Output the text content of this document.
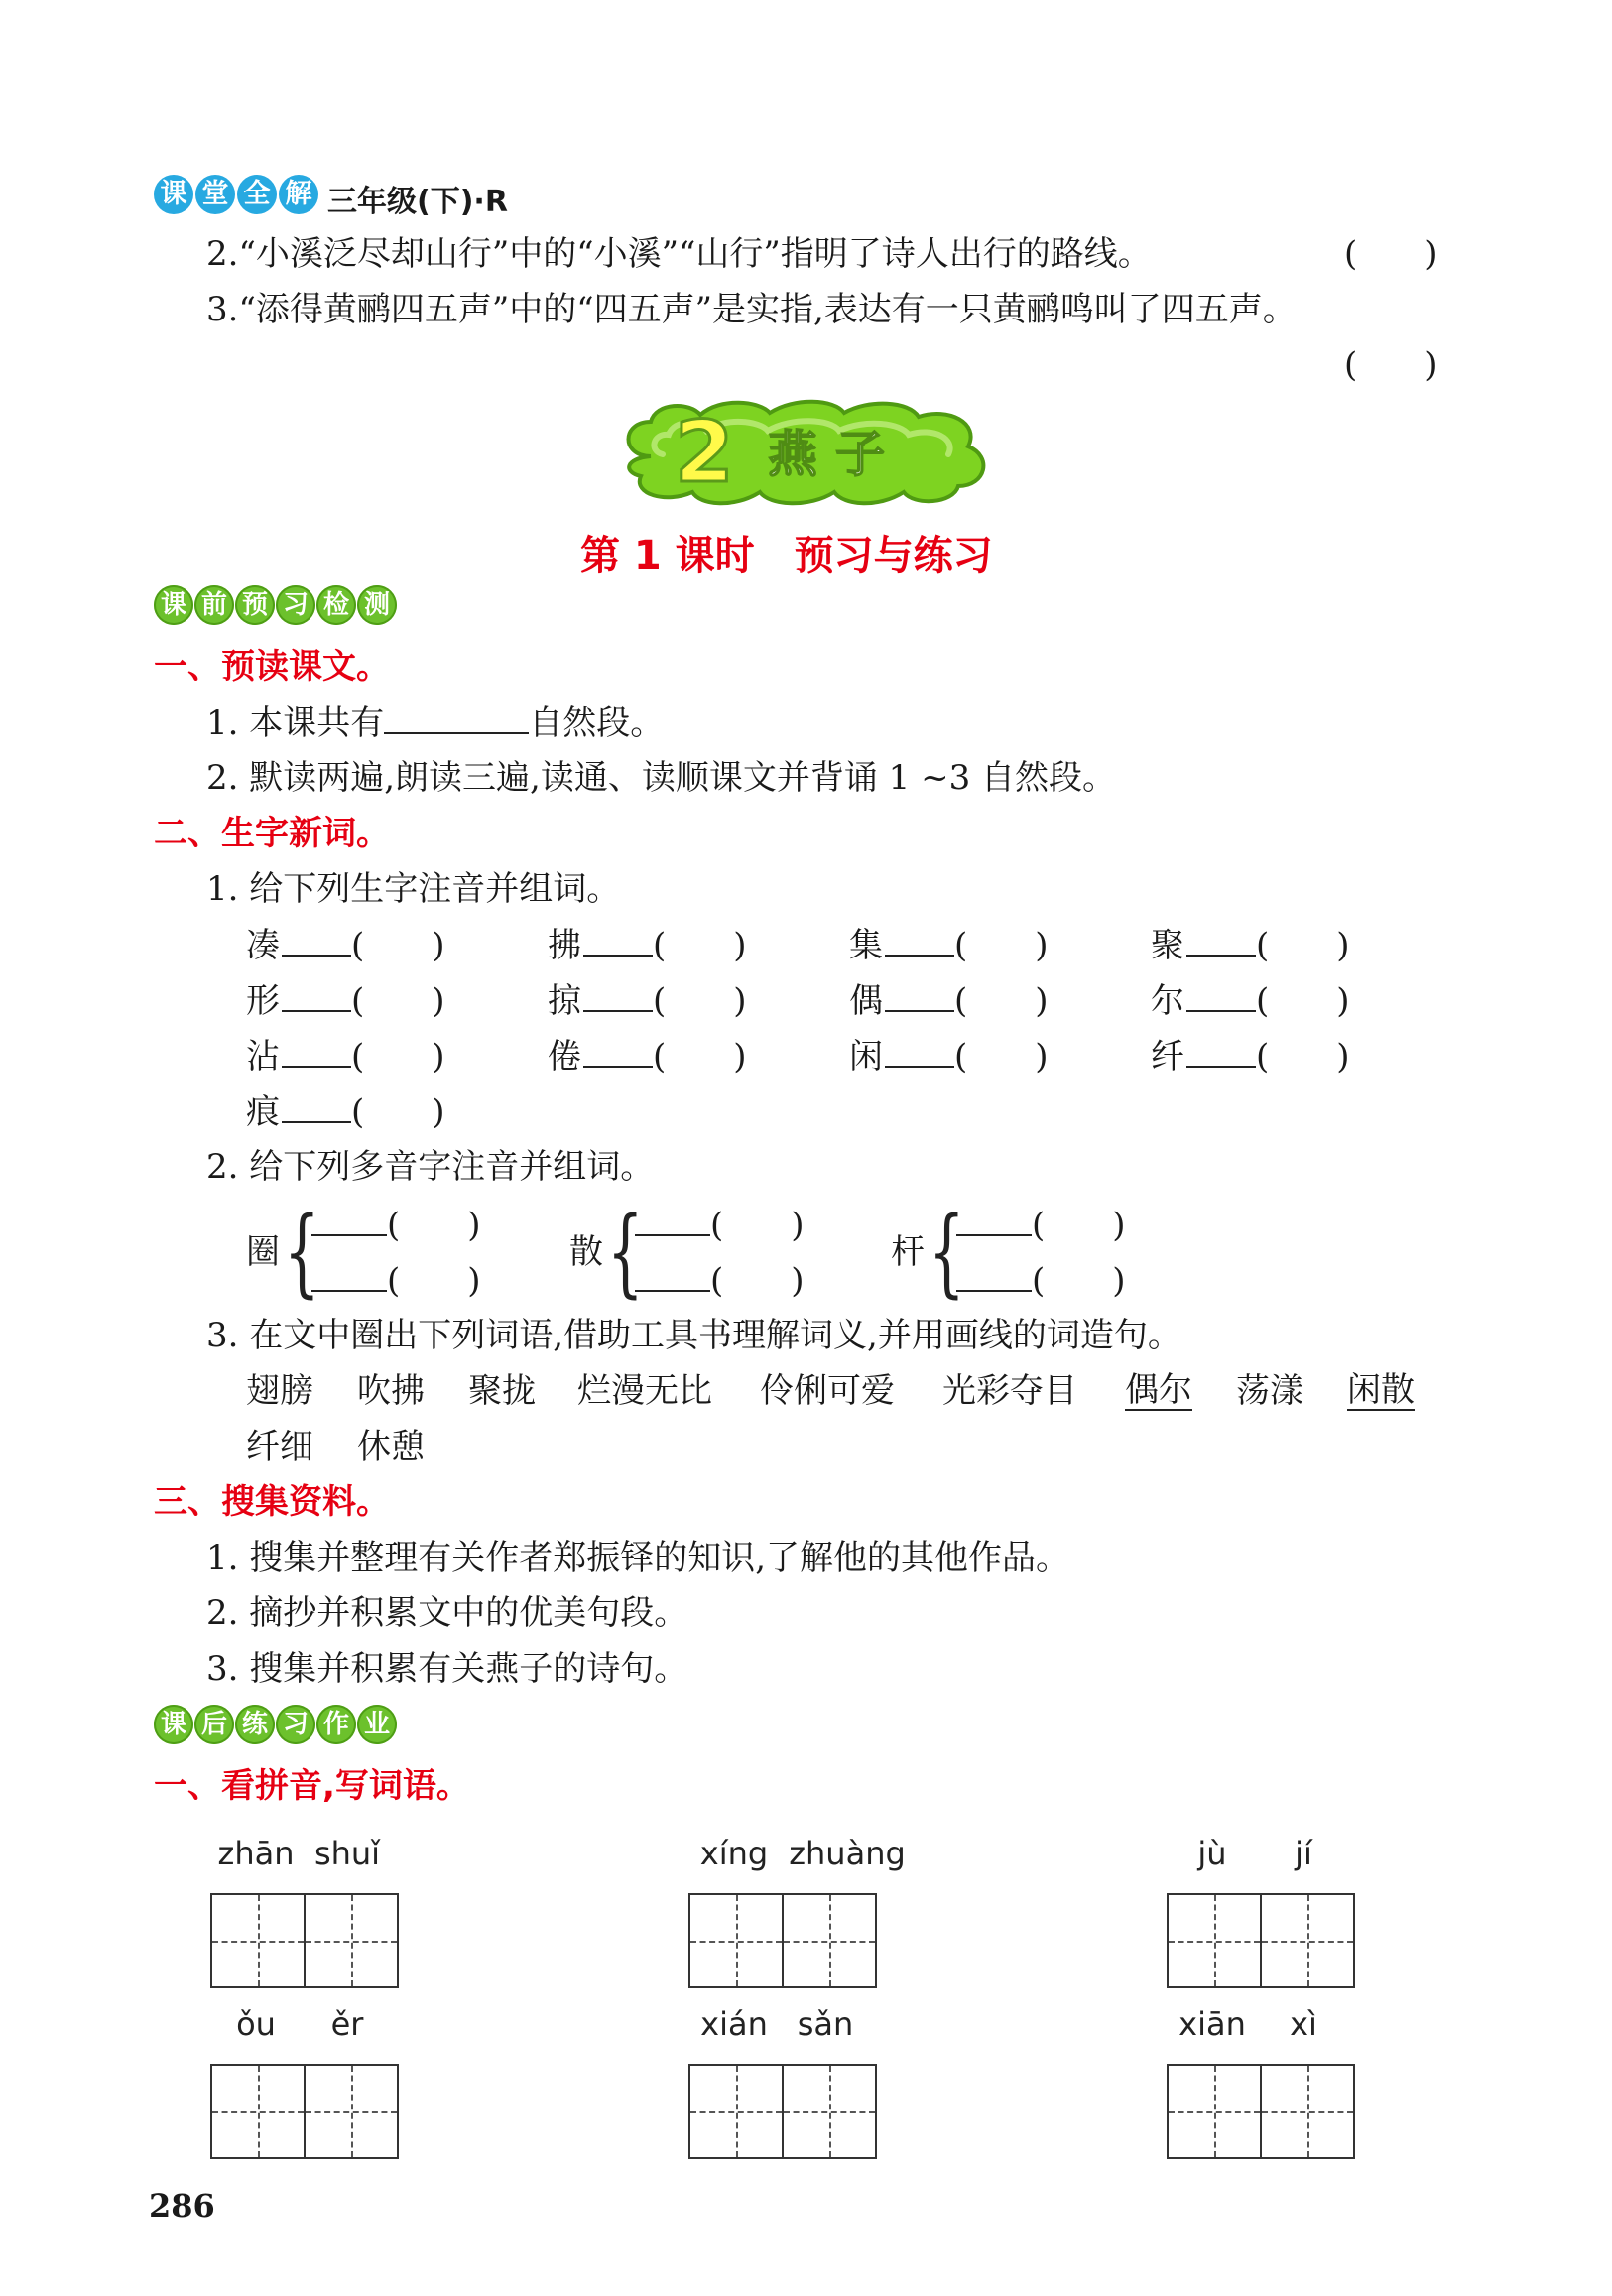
课 堂 全 解 三年级(下)·R
2.“小溪泛尽却山行”中的“小溪”“山行”指明了诗人出行的路线。	(　　)
3.“添得黄鹂四五声”中的“四五声”是实指,表达有一只黄鹂鸣叫了四五声。
(　　)
2 燕子
第 1 课时　预习与练习
课 前 预 习 检 测
一、预读课文。
1. 本课共有	自然段。
2. 默读两遍,朗读三遍,读通、读顺课文并背诵 1 ~3 自然段。
二、生字新词。
1. 给下列生字注音并组词。
凑 (　　)	拂 (　　)	集 (　　)	聚 (　　)
形 (　　)	掠 (　　)	偶 (　　)	尔 (　　)
沾 (　　)	倦 (　　)	闲 (　　)	纤 (　　)
痕 (　　)
2. 给下列多音字注音并组词。
圈 {	(　　)
(　　)
散 {	(　　)
(　　)
杆 {	(　　)
(　　)
3. 在文中圈出下列词语,借助工具书理解词义,并用画线的词造句。
翅膀 吹拂 聚拢 烂漫无比 伶俐可爱 光彩夺目 偶尔 荡漾 闲散
纤细 休憩
三、搜集资料。
1. 搜集并整理有关作者郑振铎的知识,了解他的其他作品。
2. 摘抄并积累文中的优美句段。
3. 搜集并积累有关燕子的诗句。
课 后 练 习 作 业
一、看拼音,写词语。
zhān shuǐ	xíng zhuàng	jù	jí
ǒu	ěr	xián sǎn	xiān	xì
286
